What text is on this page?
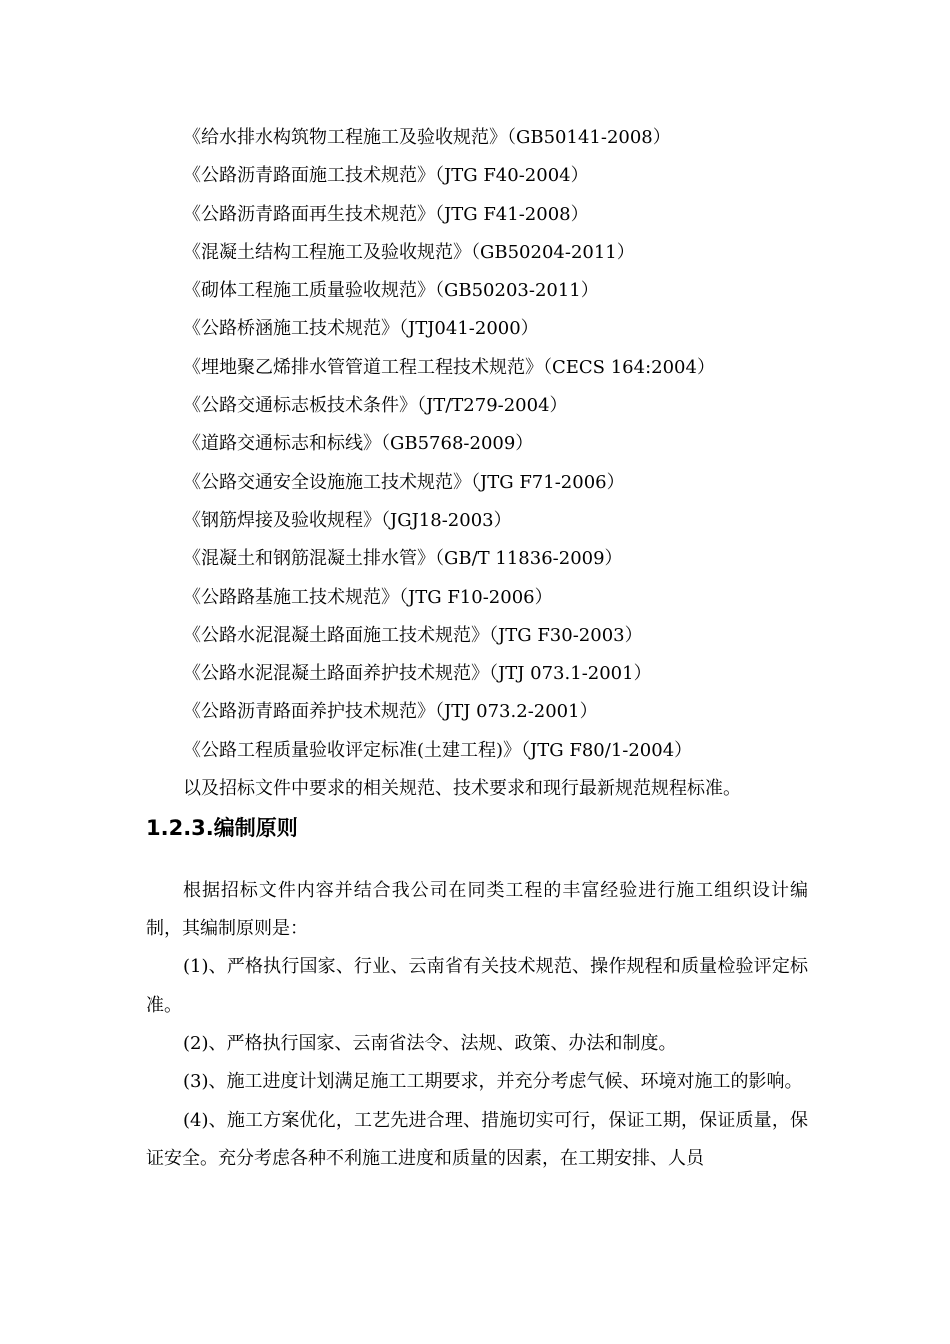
《给水排水构筑物工程施工及验收规范》（GB50141-2008）
《公路沥青路面施工技术规范》（JTG F40-2004）
《公路沥青路面再生技术规范》（JTG F41-2008）
《混凝土结构工程施工及验收规范》（GB50204-2011）
《砌体工程施工质量验收规范》（GB50203-2011）
《公路桥涵施工技术规范》（JTJ041-2000）
《埋地聚乙烯排水管管道工程工程技术规范》（CECS 164:2004）
《公路交通标志板技术条件》（JT/T279-2004）
《道路交通标志和标线》（GB5768-2009）
《公路交通安全设施施工技术规范》（JTG F71-2006）
《钢筋焊接及验收规程》（JGJ18-2003）
《混凝土和钢筋混凝土排水管》（GB/T 11836-2009）
《公路路基施工技术规范》（JTG F10-2006）
《公路水泥混凝土路面施工技术规范》（JTG F30-2003）
《公路水泥混凝土路面养护技术规范》（JTJ 073.1-2001）
《公路沥青路面养护技术规范》（JTJ 073.2-2001）
《公路工程质量验收评定标准(土建工程)》（JTG F80/1-2004）
以及招标文件中要求的相关规范、技术要求和现行最新规范规程标准。
1.2.3.编制原则

根据招标文件内容并结合我公司在同类工程的丰富经验进行施工组织设计编制，其编制原则是：

(1)、严格执行国家、行业、云南省有关技术规范、操作规程和质量检验评定标准。

(2)、严格执行国家、云南省法令、法规、政策、办法和制度。

(3)、施工进度计划满足施工工期要求，并充分考虑气候、环境对施工的影响。

(4)、施工方案优化，工艺先进合理、措施切实可行，保证工期，保证质量，保证安全。充分考虑各种不利施工进度和质量的因素，在工期安排、人员
